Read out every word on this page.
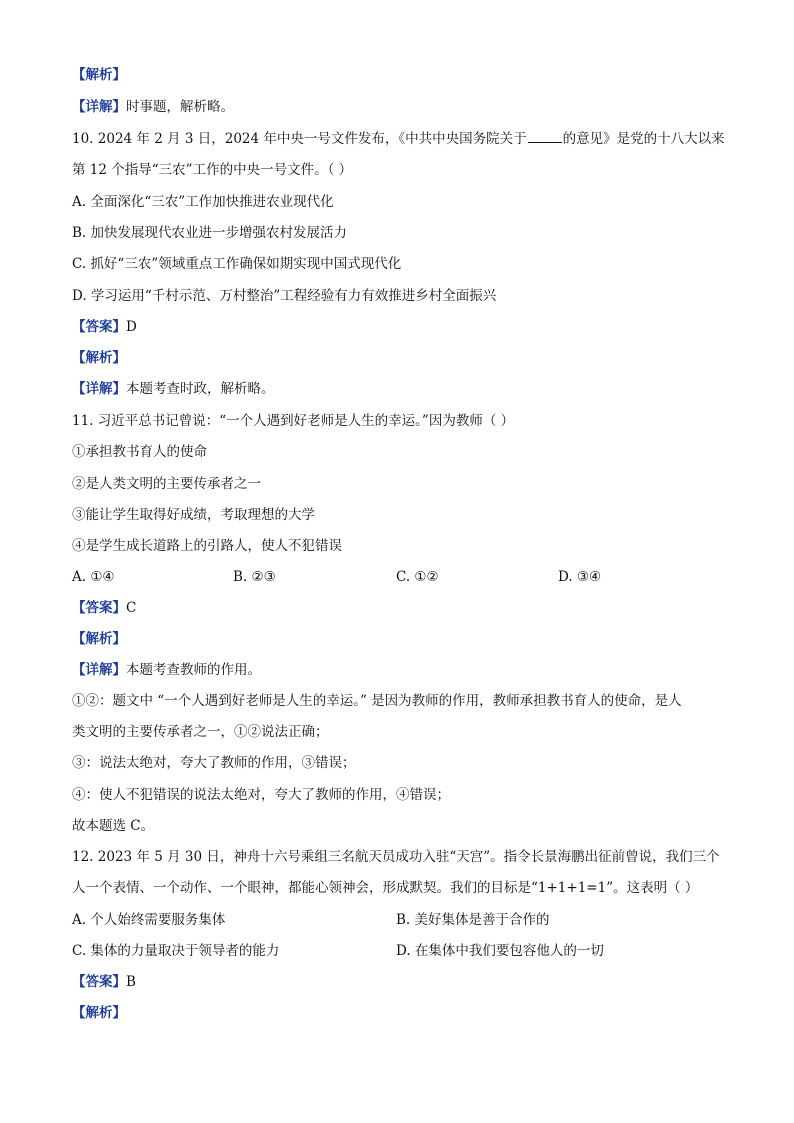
【解析】
【详解】时事题，解析略。
10. 2024 年 2 月 3 日，2024 年中央一号文件发布，《中共中央国务院关于	的意见》是党的十八大以来
第 12 个指导“三农”工作的中央一号文件。（ ）
A. 全面深化“三农”工作加快推进农业现代化
B. 加快发展现代农业进一步增强农村发展活力
C. 抓好“三农”领域重点工作确保如期实现中国式现代化
D. 学习运用“千村示范、万村整治”工程经验有力有效推进乡村全面振兴
【答案】D
【解析】
【详解】本题考查时政，解析略。
11. 习近平总书记曾说：“一个人遇到好老师是人生的幸运。”因为教师（ ）
①承担教书育人的使命
②是人类文明的主要传承者之一
③能让学生取得好成绩，考取理想的大学
④是学生成长道路上的引路人，使人不犯错误
A. ①④	B. ②③	C. ①②	D. ③④
【答案】C
【解析】
【详解】本题考查教师的作用。
①②：题文中 “一个人遇到好老师是人生的幸运。” 是因为教师的作用，教师承担教书育人的使命，是人
类文明的主要传承者之一，①②说法正确；
③：说法太绝对，夸大了教师的作用，③错误；
④：使人不犯错误的说法太绝对，夸大了教师的作用，④错误；
故本题选 C。
12. 2023 年 5 月 30 日，神舟十六号乘组三名航天员成功入驻“天宫”。指令长景海鹏出征前曾说，我们三个
人一个表情、一个动作、一个眼神，都能心领神会，形成默契。我们的目标是“1+1+1=1”。这表明（ ）
A. 个人始终需要服务集体	B. 美好集体是善于合作的
C. 集体的力量取决于领导者的能力	D. 在集体中我们要包容他人的一切
【答案】B
【解析】
